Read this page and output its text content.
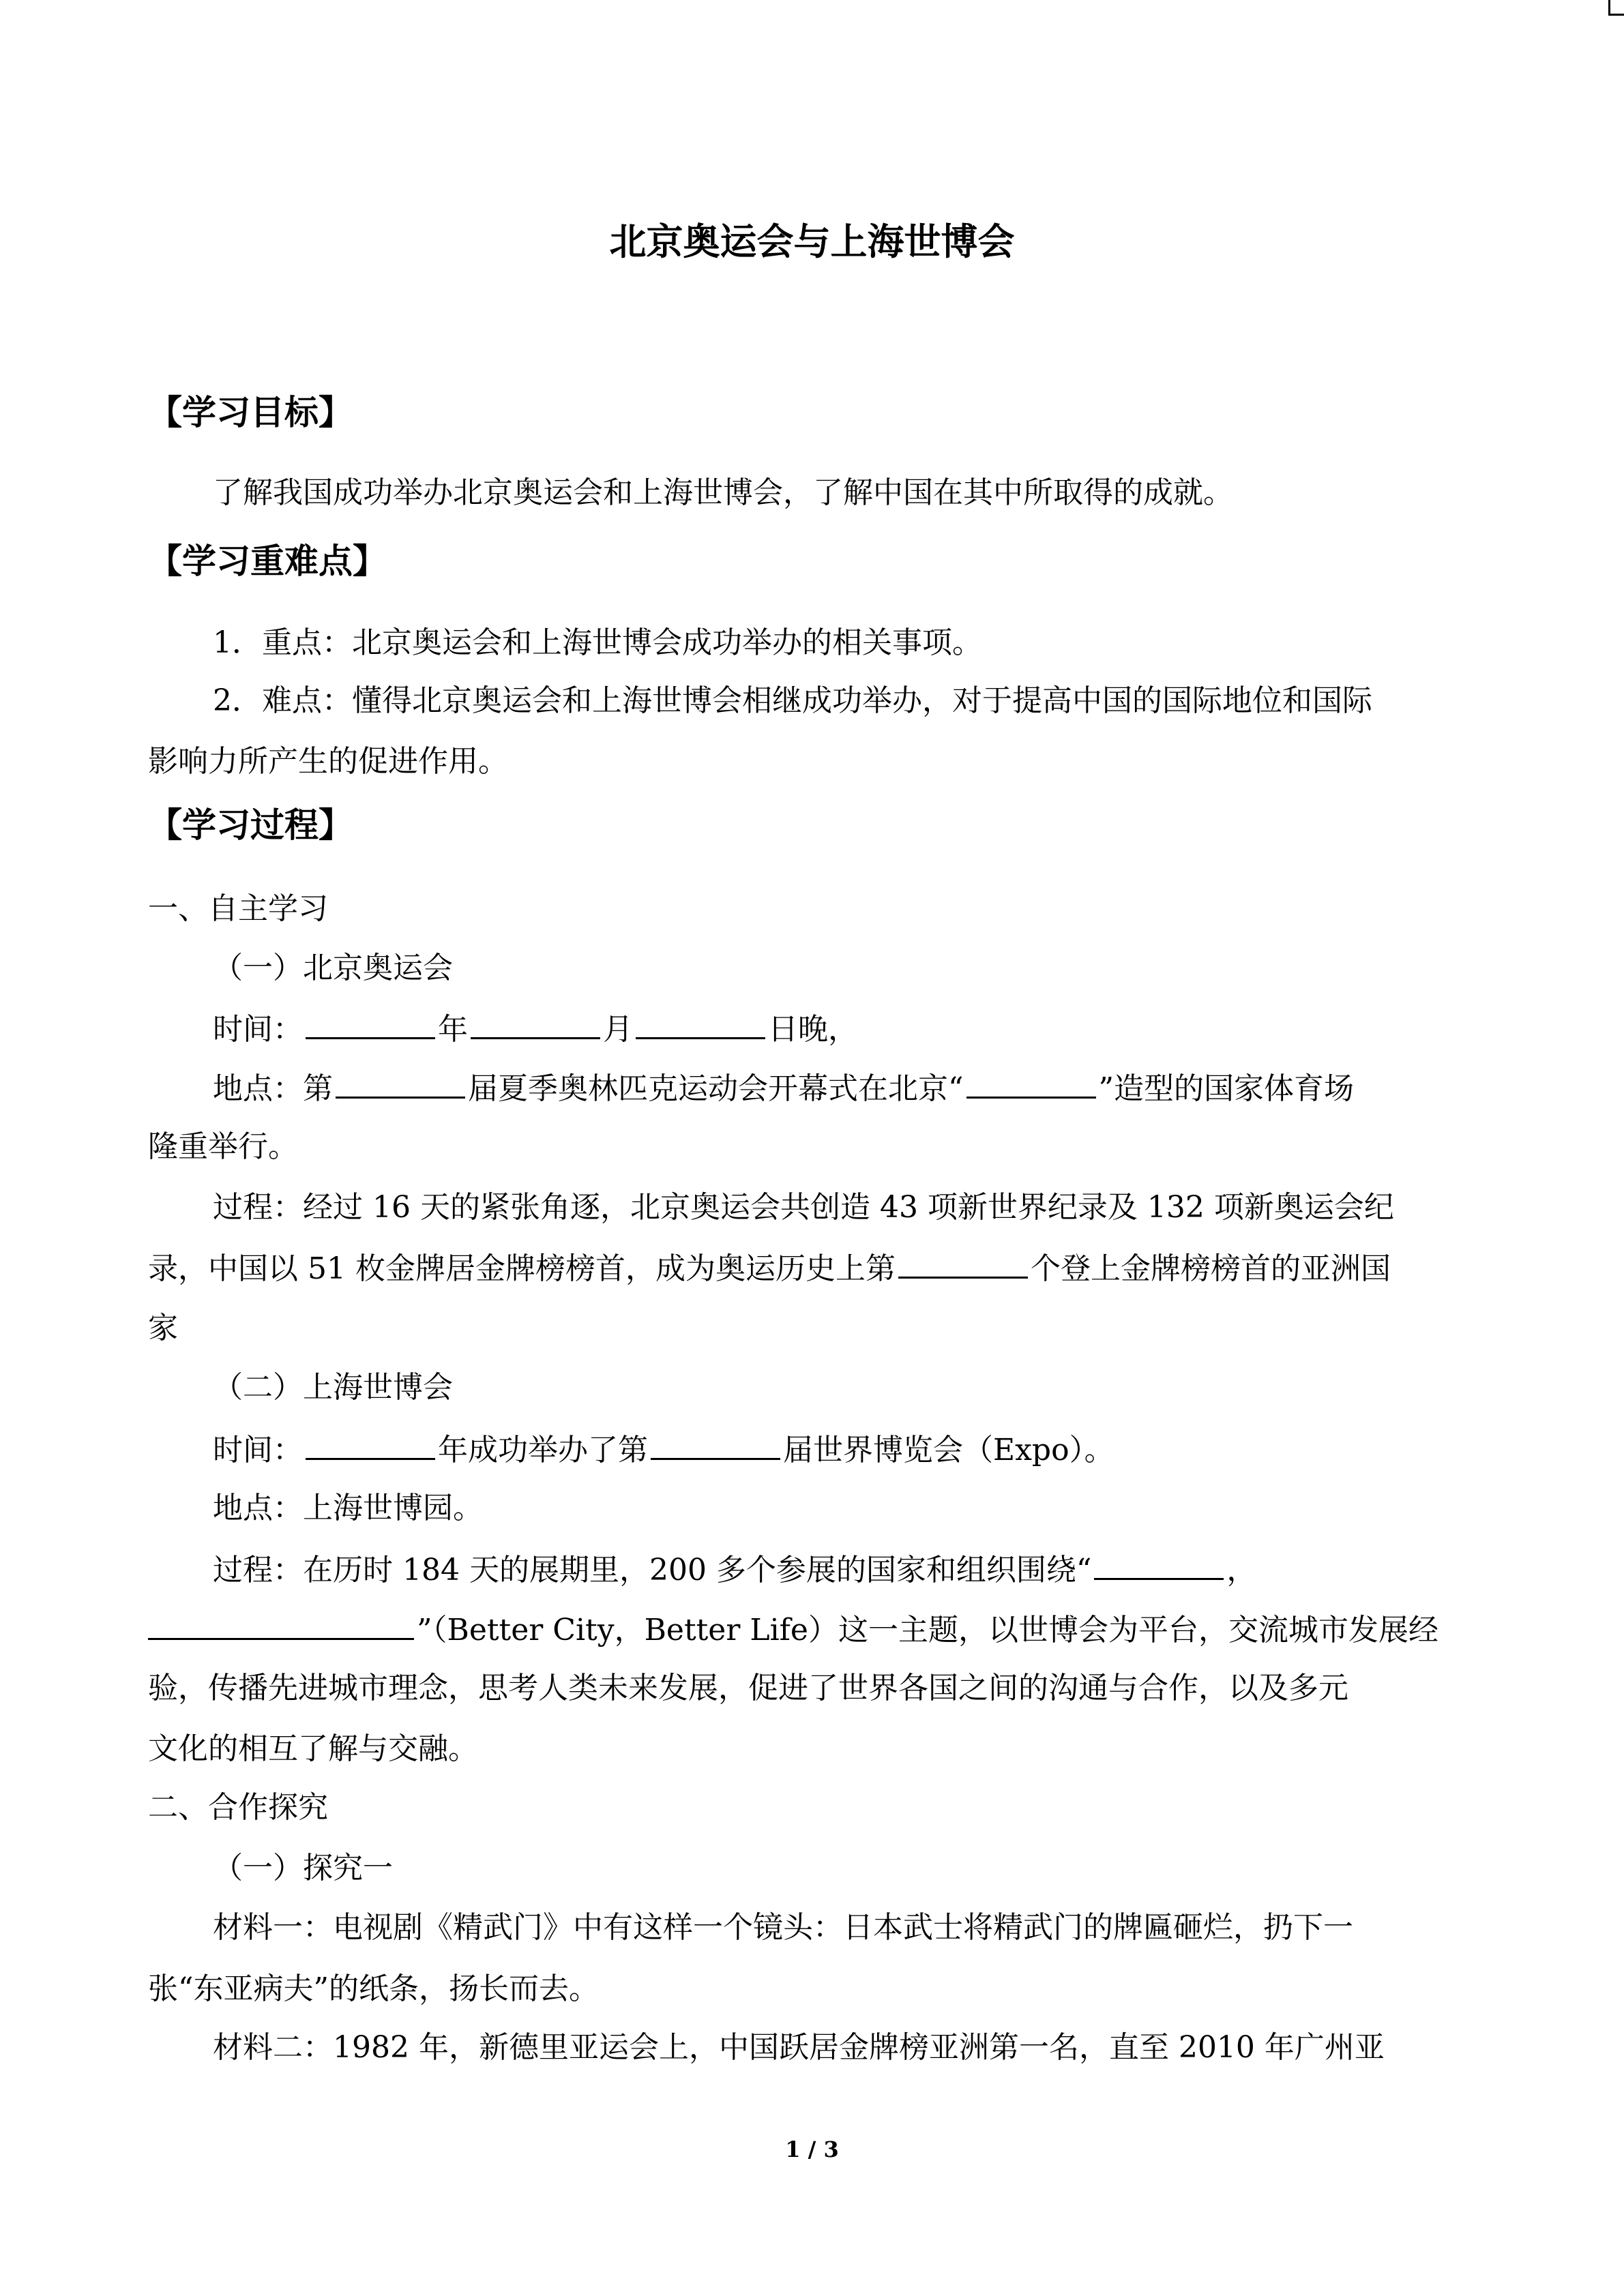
北京奥运会与上海世博会
【学习目标】
了解我国成功举办北京奥运会和上海世博会，了解中国在其中所取得的成就。
【学习重难点】
1．重点：北京奥运会和上海世博会成功举办的相关事项。
2．难点：懂得北京奥运会和上海世博会相继成功举办，对于提高中国的国际地位和国际
影响力所产生的促进作用。
【学习过程】
一、自主学习
（一）北京奥运会
时间：	年	月	日晚，
地点：第	届夏季奥林匹克运动会开幕式在北京“	”造型的国家体育场
隆重举行。
过程：经过 16 天的紧张角逐，北京奥运会共创造 43 项新世界纪录及 132 项新奥运会纪
录，中国以 51 枚金牌居金牌榜榜首，成为奥运历史上第	个登上金牌榜榜首的亚洲国
家
（二）上海世博会
时间：	年成功举办了第	届世界博览会（Expo）。
地点：上海世博园。
过程：在历时 184 天的展期里，200 多个参展的国家和组织围绕“	，
”（Better City，Better Life）这一主题，以世博会为平台，交流城市发展经
验，传播先进城市理念，思考人类未来发展，促进了世界各国之间的沟通与合作，以及多元
文化的相互了解与交融。
二、合作探究
（一）探究一
材料一：电视剧《精武门》中有这样一个镜头：日本武士将精武门的牌匾砸烂，扔下一
张“东亚病夫”的纸条，扬长而去。
材料二：1982 年，新德里亚运会上，中国跃居金牌榜亚洲第一名，直至 2010 年广州亚
1 / 3
